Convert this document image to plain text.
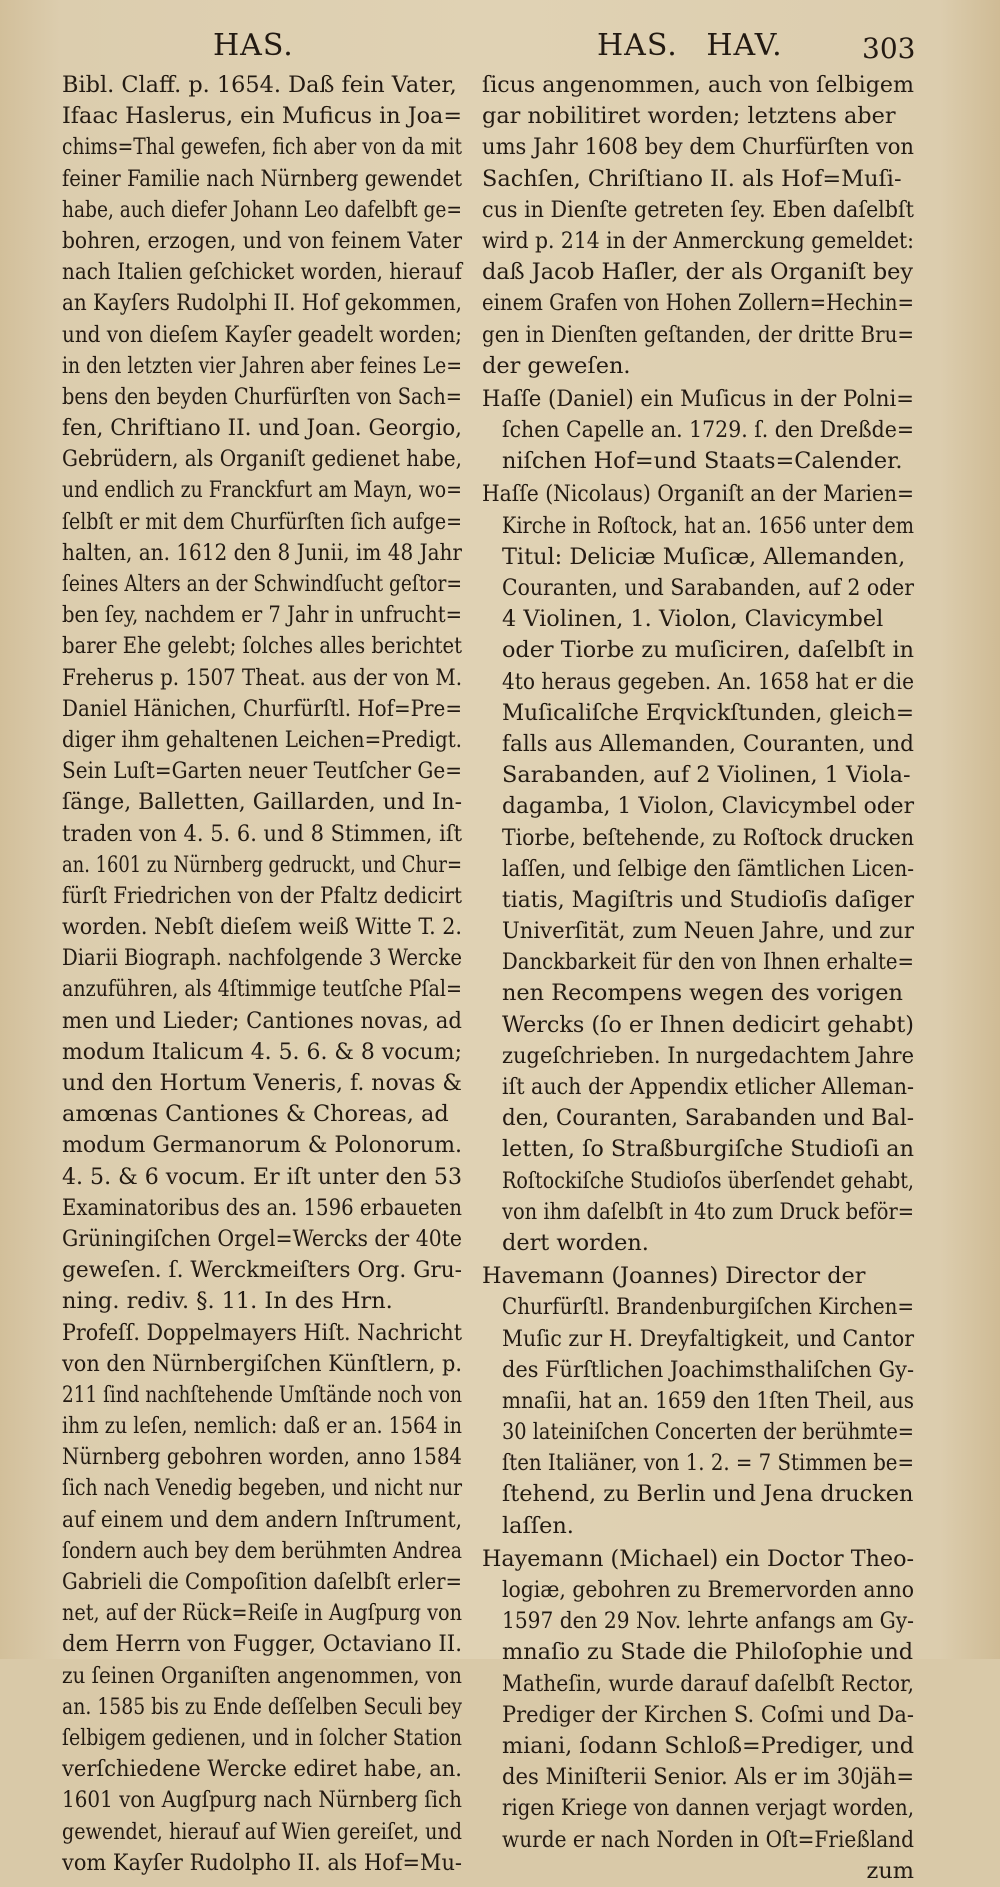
HAS.	HAS. HAV.	303
Bibl. Claff. p. 1654. Daß fein Vater,
Ifaac Haslerus, ein Muficus in Joa=
chims=Thal gewefen, fich aber von da mit
feiner Familie nach Nürnberg gewendet
habe, auch diefer Johann Leo dafelbft ge=
bohren, erzogen, und von feinem Vater
nach Italien geſchicket worden, hierauf
an Kayſers Rudolphi II. Hof gekommen,
und von dieſem Kayſer geadelt worden;
in den letzten vier Jahren aber feines Le=
bens den beyden Churfürſten von Sach=
fen, Chriftiano II. und Joan. Georgio,
Gebrüdern, als Organiſt gedienet habe,
und endlich zu Franckfurt am Mayn, wo=
ſelbſt er mit dem Churfürſten ſich aufge=
halten, an. 1612 den 8 Junii, im 48 Jahr
ſeines Alters an der Schwindſucht geſtor=
ben ſey, nachdem er 7 Jahr in unfrucht=
barer Ehe gelebt; ſolches alles berichtet
Freherus p. 1507 Theat. aus der von M.
Daniel Hänichen, Churfürſtl. Hof=Pre=
diger ihm gehaltenen Leichen=Predigt.
Sein Luſt=Garten neuer Teutſcher Ge=
ſänge, Balletten, Gaillarden, und In-
traden von 4. 5. 6. und 8 Stimmen, iſt
an. 1601 zu Nürnberg gedruckt, und Chur=
fürſt Friedrichen von der Pfaltz dedicirt
worden. Nebſt dieſem weiß Witte T. 2.
Diarii Biograph. nachfolgende 3 Wercke
anzuführen, als 4ſtimmige teutſche Pſal=
men und Lieder; Cantiones novas, ad
modum Italicum 4. 5. 6. & 8 vocum;
und den Hortum Veneris, f. novas &
amœnas Cantiones & Choreas, ad
modum Germanorum & Polonorum.
4. 5. & 6 vocum. Er iſt unter den 53
Examinatoribus des an. 1596 erbaueten
Grüningiſchen Orgel=Wercks der 40te
geweſen. ſ. Werckmeiſters Org. Gru-
ning. rediv. §. 11. In des Hrn.
Profeſſ. Doppelmayers Hiſt. Nachricht
von den Nürnbergiſchen Künſtlern, p.
211 ſind nachſtehende Umſtände noch von
ihm zu leſen, nemlich: daß er an. 1564 in
Nürnberg gebohren worden, anno 1584
ſich nach Venedig begeben, und nicht nur
auf einem und dem andern Inſtrument,
ſondern auch bey dem berühmten Andrea
Gabrieli die Compoſition daſelbſt erler=
net, auf der Rück=Reiſe in Augſpurg von
dem Herrn von Fugger, Octaviano II.
zu ſeinen Organiſten angenommen, von
an. 1585 bis zu Ende deſſelben Seculi bey
ſelbigem gedienen, und in ſolcher Station
verſchiedene Wercke ediret habe, an.
1601 von Augſpurg nach Nürnberg ſich
gewendet, hierauf auf Wien gereiſet, und
vom Kayſer Rudolpho II. als Hof=Mu-
ſicus angenommen, auch von ſelbigem
gar nobilitiret worden; letztens aber
ums Jahr 1608 bey dem Churfürſten von
Sachſen, Chriſtiano II. als Hof=Muſi-
cus in Dienſte getreten ſey. Eben daſelbſt
wird p. 214 in der Anmerckung gemeldet:
daß Jacob Haſler, der als Organiſt bey
einem Grafen von Hohen Zollern=Hechin=
gen in Dienſten geſtanden, der dritte Bru=
der geweſen.
Haſſe (Daniel) ein Muſicus in der Polni=
ſchen Capelle an. 1729. ſ. den Dreßde=
niſchen Hof=und Staats=Calender.
Haſſe (Nicolaus) Organiſt an der Marien=
Kirche in Roſtock, hat an. 1656 unter dem
Titul: Deliciæ Muſicæ, Allemanden,
Couranten, und Sarabanden, auf 2 oder
4 Violinen, 1. Violon, Clavicymbel
oder Tiorbe zu muſiciren, daſelbſt in
4to heraus gegeben. An. 1658 hat er die
Muſicaliſche Erqvickſtunden, gleich=
falls aus Allemanden, Couranten, und
Sarabanden, auf 2 Violinen, 1 Viola-
dagamba, 1 Violon, Clavicymbel oder
Tiorbe, beſtehende, zu Roſtock drucken
laſſen, und ſelbige den ſämtlichen Licen-
tiatis, Magiſtris und Studioſis daſiger
Univerſität, zum Neuen Jahre, und zur
Danckbarkeit für den von Ihnen erhalte=
nen Recompens wegen des vorigen
Wercks (ſo er Ihnen dedicirt gehabt)
zugeſchrieben. In nurgedachtem Jahre
iſt auch der Appendix etlicher Alleman-
den, Couranten, Sarabanden und Bal-
letten, ſo Straßburgiſche Studioſi an
Roſtockiſche Studioſos überſendet gehabt,
von ihm daſelbſt in 4to zum Druck beför=
dert worden.
Havemann (Joannes) Director der
Churfürſtl. Brandenburgiſchen Kirchen=
Muſic zur H. Dreyfaltigkeit, und Cantor
des Fürſtlichen Joachimsthaliſchen Gy-
mnaſii, hat an. 1659 den 1ſten Theil, aus
30 lateiniſchen Concerten der berühmte=
ſten Italiäner, von 1. 2. = 7 Stimmen be=
ſtehend, zu Berlin und Jena drucken
laſſen.
Hayemann (Michael) ein Doctor Theo-
logiæ, gebohren zu Bremervorden anno
1597 den 29 Nov. lehrte anfangs am Gy-
mnaſio zu Stade die Philoſophie und
Matheſin, wurde darauf daſelbſt Rector,
Prediger der Kirchen S. Coſmi und Da-
miani, ſodann Schloß=Prediger, und
des Miniſterii Senior. Als er im 30jäh=
rigen Kriege von dannen verjagt worden,
wurde er nach Norden in Oſt=Frießland
zum
